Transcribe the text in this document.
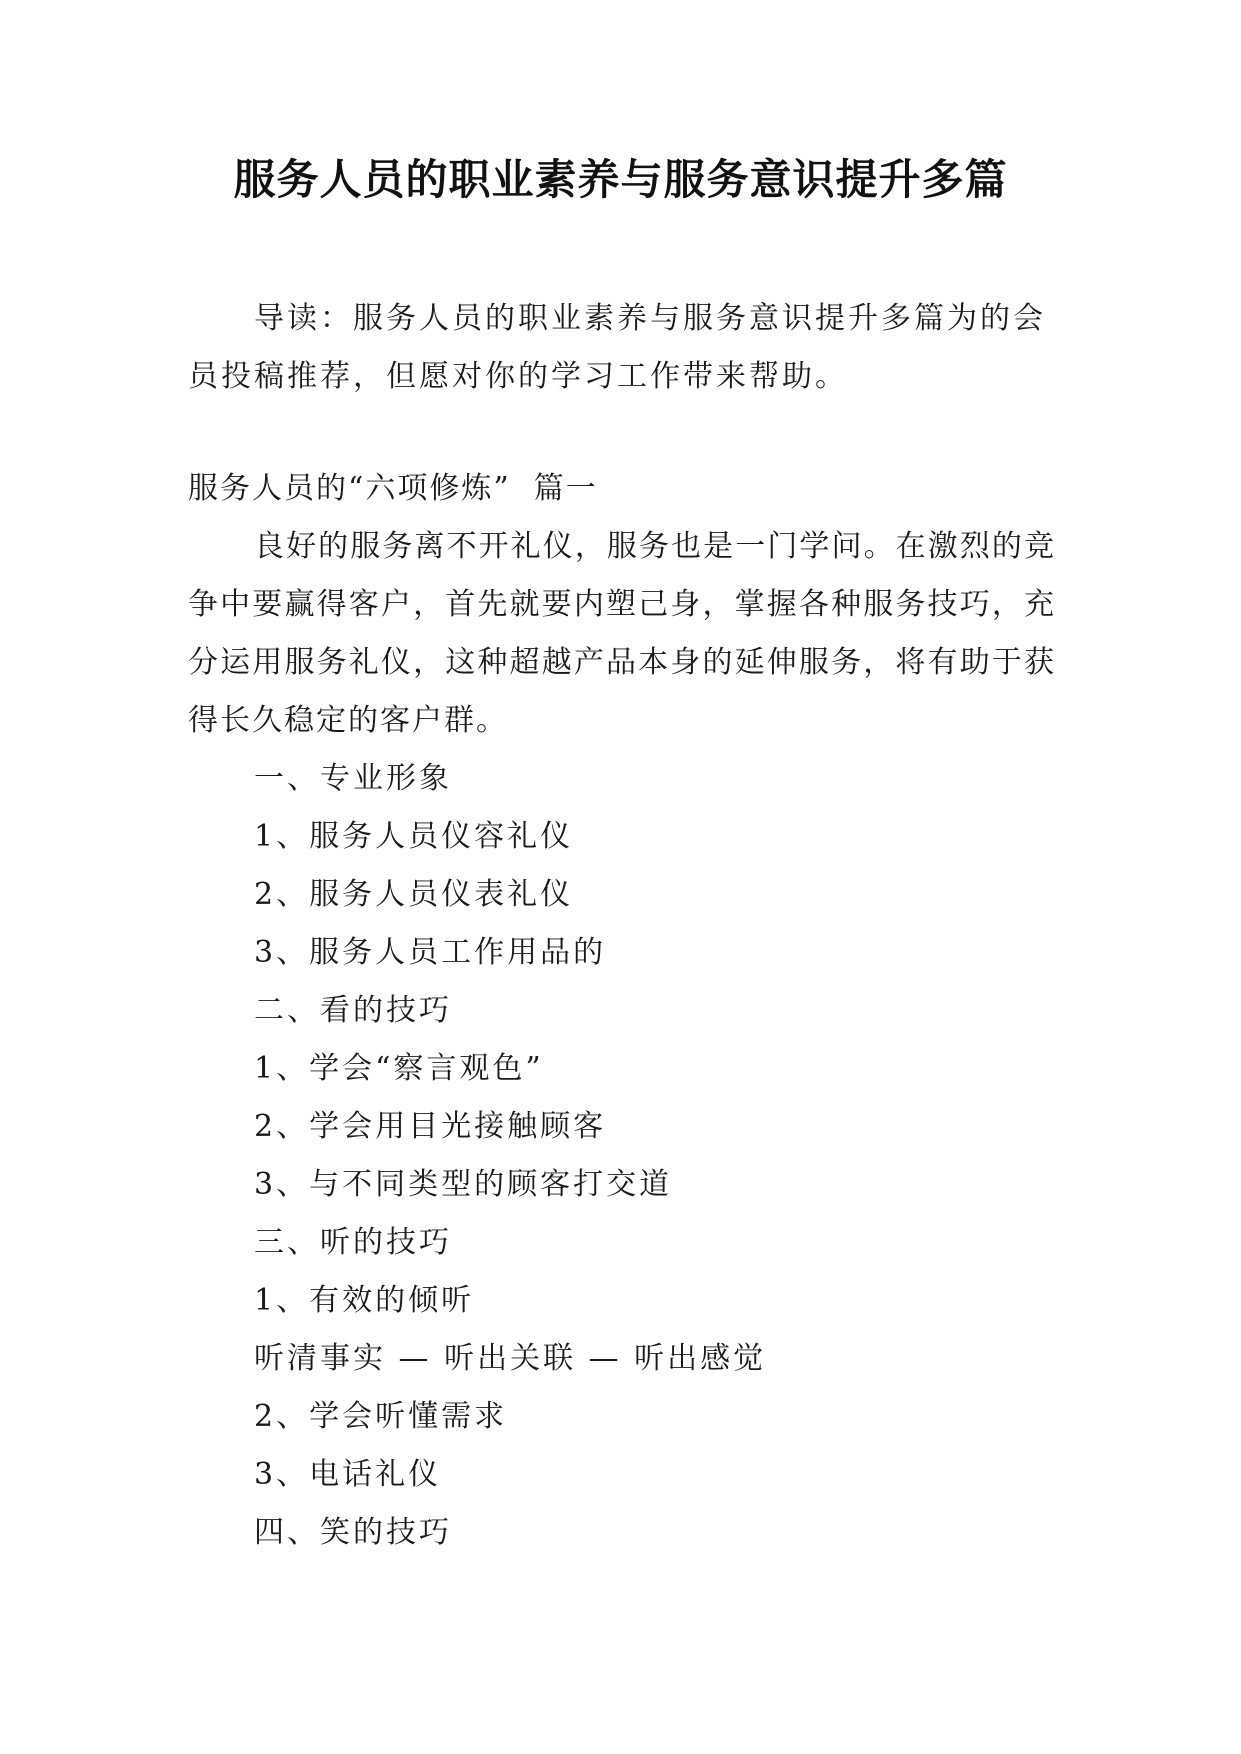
服务人员的职业素养与服务意识提升多篇

导读：服务人员的职业素养与服务意识提升多篇为的会员投稿推荐，但愿对你的学习工作带来帮助。

服务人员的“六项修炼”  篇一

良好的服务离不开礼仪，服务也是一门学问。在激烈的竞争中要赢得客户，首先就要内塑己身，掌握各种服务技巧，充分运用服务礼仪，这种超越产品本身的延伸服务，将有助于获得长久稳定的客户群。

一、专业形象
1、服务人员仪容礼仪
2、服务人员仪表礼仪
3、服务人员工作用品的
二、看的技巧
1、学会“察言观色”
2、学会用目光接触顾客
3、与不同类型的顾客打交道
三、听的技巧
1、有效的倾听
听清事实 — 听出关联 — 听出感觉
2、学会听懂需求
3、电话礼仪
四、笑的技巧
